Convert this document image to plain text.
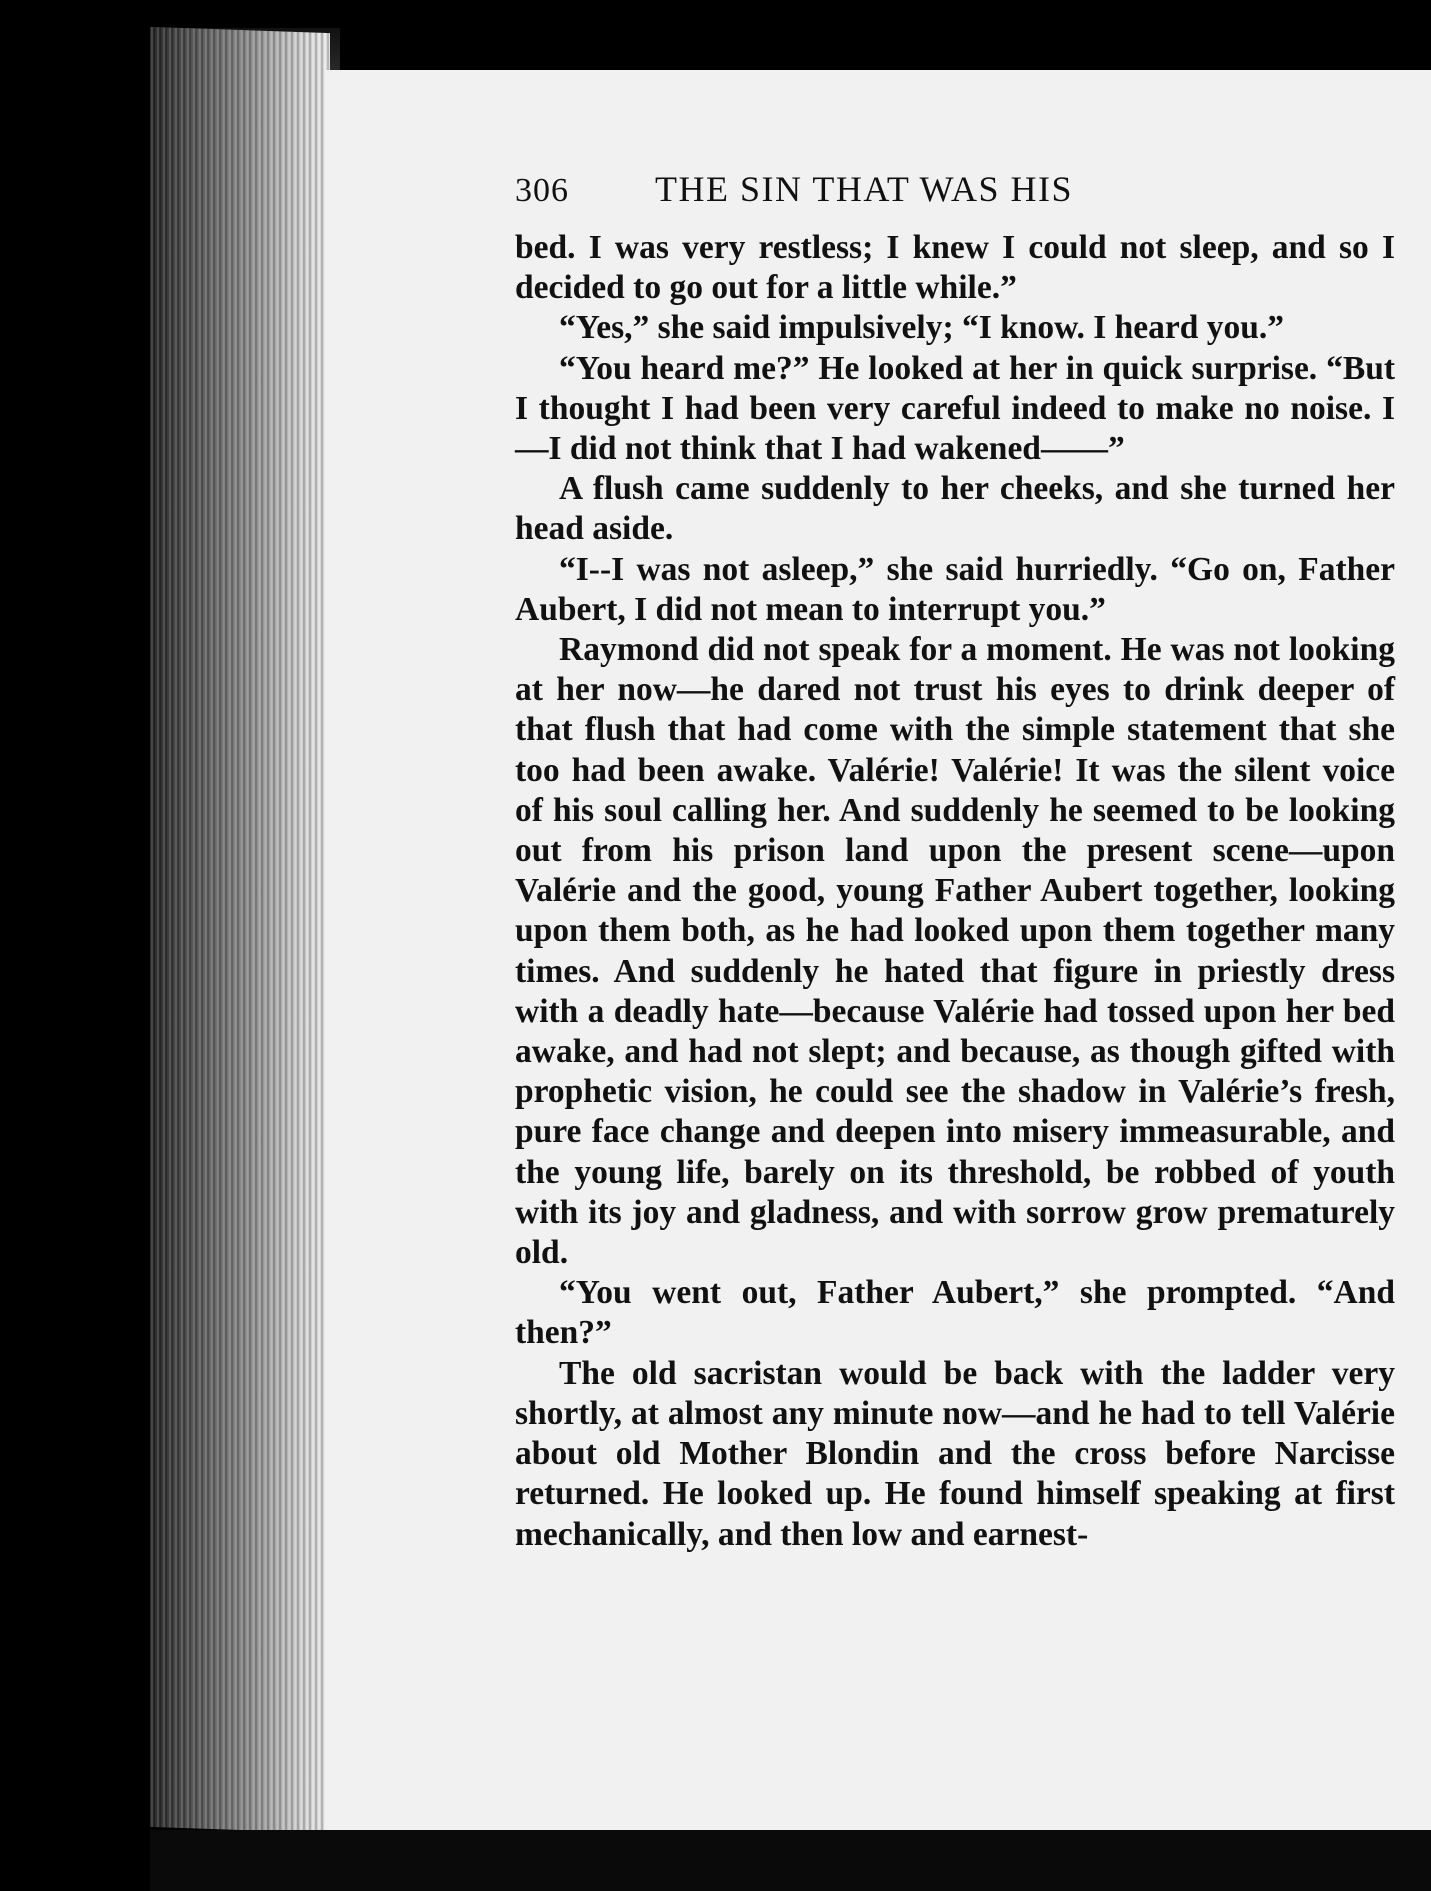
306	THE SIN THAT WAS HIS

bed. I was very restless; I knew I could not sleep, and so I decided to go out for a little while.”

“Yes,” she said impulsively; “I know. I heard you.”

“You heard me?” He looked at her in quick surprise. “But I thought I had been very careful indeed to make no noise. I—I did not think that I had wakened——”

A flush came suddenly to her cheeks, and she turned her head aside.

“I--I was not asleep,” she said hurriedly. “Go on, Father Aubert, I did not mean to interrupt you.”

Raymond did not speak for a moment. He was not looking at her now—he dared not trust his eyes to drink deeper of that flush that had come with the simple statement that she too had been awake. Valérie! Valérie! It was the silent voice of his soul calling her. And suddenly he seemed to be looking out from his prison land upon the present scene—upon Valérie and the good, young Father Aubert together, looking upon them both, as he had looked upon them together many times. And suddenly he hated that figure in priestly dress with a deadly hate—because Valérie had tossed upon her bed awake, and had not slept; and because, as though gifted with prophetic vision, he could see the shadow in Valérie’s fresh, pure face change and deepen into misery immeasurable, and the young life, barely on its threshold, be robbed of youth with its joy and gladness, and with sorrow grow prematurely old.

“You went out, Father Aubert,” she prompted. “And then?”

The old sacristan would be back with the ladder very shortly, at almost any minute now—and he had to tell Valérie about old Mother Blondin and the cross before Narcisse returned. He looked up. He found himself speaking at first mechanically, and then low and earnest-
